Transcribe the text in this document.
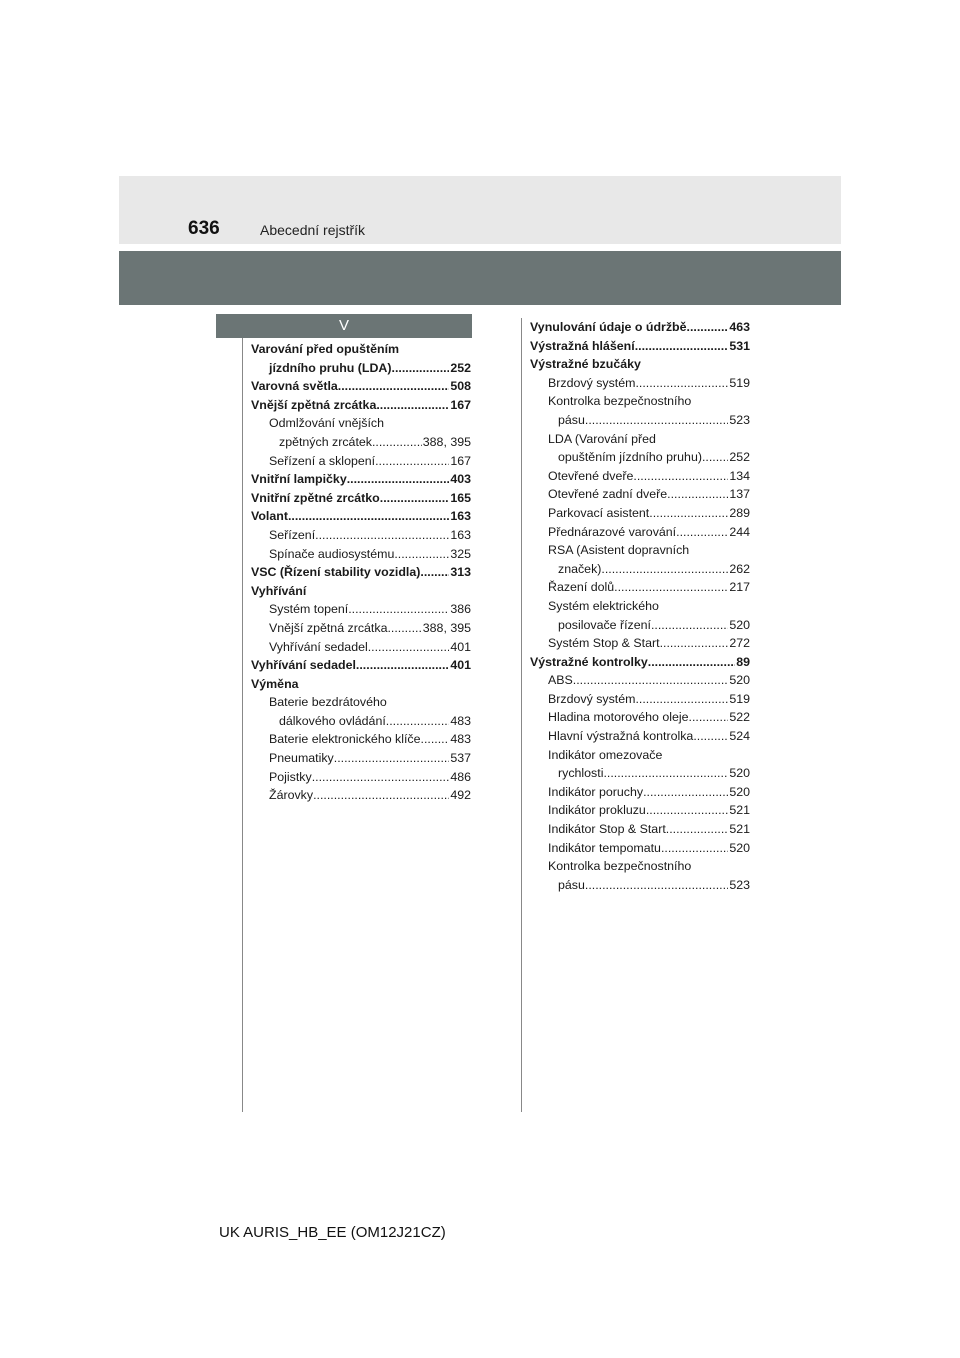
636	Abecední rejstřík
V
Varování před opuštěním
jízdního pruhu (LDA) .....	252
Varovná světla .....	508
Vnější zpětná zrcátka .....	167
Odmlžování vnějších
zpětných zrcátek .....	388, 395
Seřízení a sklopení .....	167
Vnitřní lampičky .....	403
Vnitřní zpětné zrcátko .....	165
Volant .....	163
Seřízení .....	163
Spínače audiosystému .....	325
VSC (Řízení stability vozidla) ..... 313
Vyhřívání
Systém topení .....	386
Vnější zpětná zrcátka .....	388, 395
Vyhřívání sedadel .....	401
Vyhřívání sedadel .....	401
Výměna
Baterie bezdrátového
dálkového ovládání .....	483
Baterie elektronického klíče ..... 483
Pneumatiky .....	537
Pojistky .....	486
Žárovky .....	492
Vynulování údaje o údržbě .....	463
Výstražná hlášení .....	531
Výstražné bzučáky
Brzdový systém .....	519
Kontrolka bezpečnostního
pásu .....	523
LDA (Varování před
opuštěním jízdního pruhu) ..... 252
Otevřené dveře .....	134
Otevřené zadní dveře .....	137
Parkovací asistent .....	289
Přednárazové varování .....	244
RSA (Asistent dopravních
značek) .....	262
Řazení dolů .....	217
Systém elektrického
posilovače řízení .....	520
Systém Stop & Start .....	272
Výstražné kontrolky .....	89
ABS .....	520
Brzdový systém .....	519
Hladina motorového oleje .....	522
Hlavní výstražná kontrolka .....	524
Indikátor omezovače
rychlosti .....	520
Indikátor poruchy .....	520
Indikátor prokluzu .....	521
Indikátor Stop & Start .....	521
Indikátor tempomatu .....	520
Kontrolka bezpečnostního
pásu .....	523
UK AURIS_HB_EE (OM12J21CZ)
